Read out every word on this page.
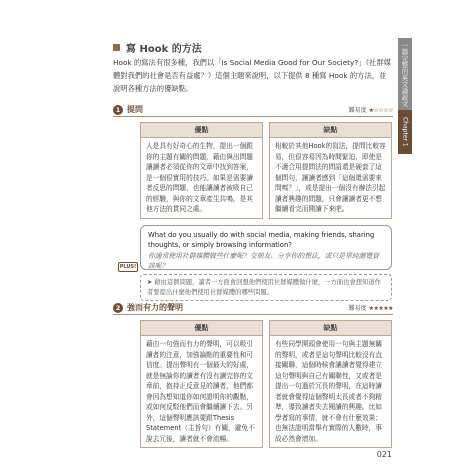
寫 Hook 的方法
Hook 的寫法有很多種，我們以「Is Social Media Good for Our Society?」（社群媒體對我們的社會是否有益處？）這個主題來說明，以下提供 8 種寫 Hook 的方法，並說明各種方法的優缺點。	一篇完整的英文論說文
Chapter 1
1 提問	難易度 ★☆☆☆☆
優點
人是具有好奇心的生物，提出一個跟你的主題有關的問題，藉由與出問題讓讀者必須從你的文章中找到答案，是一個很實用的技巧。如果是需要讀者反思的問題，也能讓讀者被吸自己的經驗，與你的文章產生共鳴，是其他方法的貫同之處。
缺點
相較於其他Hook的寫法，提問比較容易，但很容易因為時間緊迫，即使是不適合用提問法的問語還是硬套了這個問句，讓讀者感到「這個還需要來問嗎？」，或是提出一個沒有辦法引起讀者興趣的問題，只會讓讀者更不想繼續看完而開讀下來吧。
What do you usually do with social media, making friends, sharing thoughts, or simply browsing information?
你通常使用社群媒體做些什麼呢？交朋友、分享你的想法，或只是單純瀏覽資訊呢？
PLUS!
➤ 藉由這個問題，讀者一方面會回想他們使用社群媒體做什麼，一方面也會想知道作者要提出什麼他們使用社群媒體的哪些問題。
2 強而有力的聲明	難易度 ★★★★★
優點
藉由一句強而有力的聲明，可以吸引讀者的注意，加強論點的重要性和可信度。提出聲明有一個最大的好處，就是無論你的讀者有沒有讀完你的文章前，抱持正反意見的讀者，他們都會因為想知道你如何證明你的觀點，或如何反駁他們而會繼續讀下去。另外，這個聲明應該要跟Thesis Statement（主旨句）有關，避免不說去冗後，讀者就不會流暢。
缺點
有些同學開頭會使用一句與主題無關的聲明，或者是這句聲明比較沒有直接關聯，這個時候會讓讀者覺得建立這句聲明與自己有關聯性，又或者是提出一句過於冗長的聲明，在這時讀者就會覺得這個聲明太長或者不夠精準，導致讀者失去閱讀的興趣。比如學者寫的事情，就不會有什麼效果；也無法證明當舉有實際的人數時，事故必然會增加。
021
